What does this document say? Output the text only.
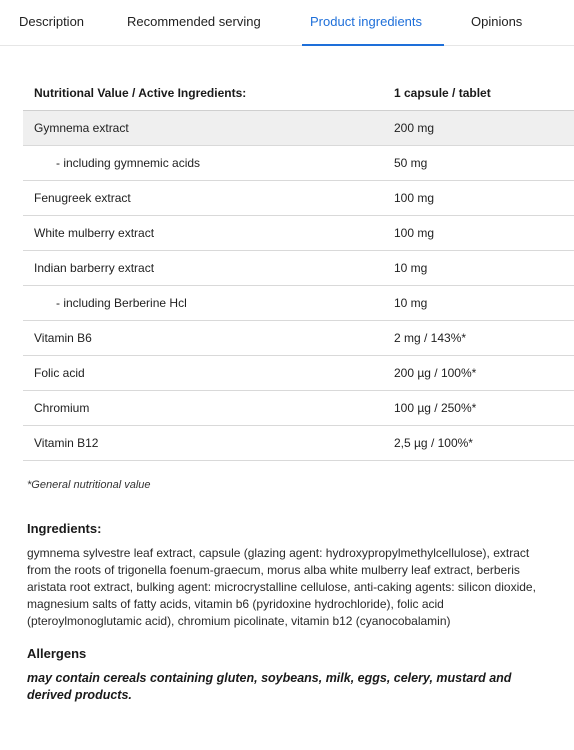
Description	Recommended serving	Product ingredients	Opinions
Nutritional Value / Active Ingredients:	1 capsule / tablet
Gymnema extract	200 mg
- including gymnemic acids	50 mg
Fenugreek extract	100 mg
White mulberry extract	100 mg
Indian barberry extract	10 mg
- including Berberine Hcl	10 mg
Vitamin B6	2 mg / 143%*
Folic acid	200 µg / 100%*
Chromium	100 µg / 250%*
Vitamin B12	2,5 µg / 100%*
*General nutritional value
Ingredients:
gymnema sylvestre leaf extract, capsule (glazing agent: hydroxypropylmethylcellulose), extract from the roots of trigonella foenum-graecum, morus alba white mulberry leaf extract, berberis aristata root extract, bulking agent: microcrystalline cellulose, anti-caking agents: silicon dioxide, magnesium salts of fatty acids, vitamin b6 (pyridoxine hydrochloride), folic acid (pteroylmonoglutamic acid), chromium picolinate, vitamin b12 (cyanocobalamin)
Allergens
may contain cereals containing gluten, soybeans, milk, eggs, celery, mustard and derived products.
